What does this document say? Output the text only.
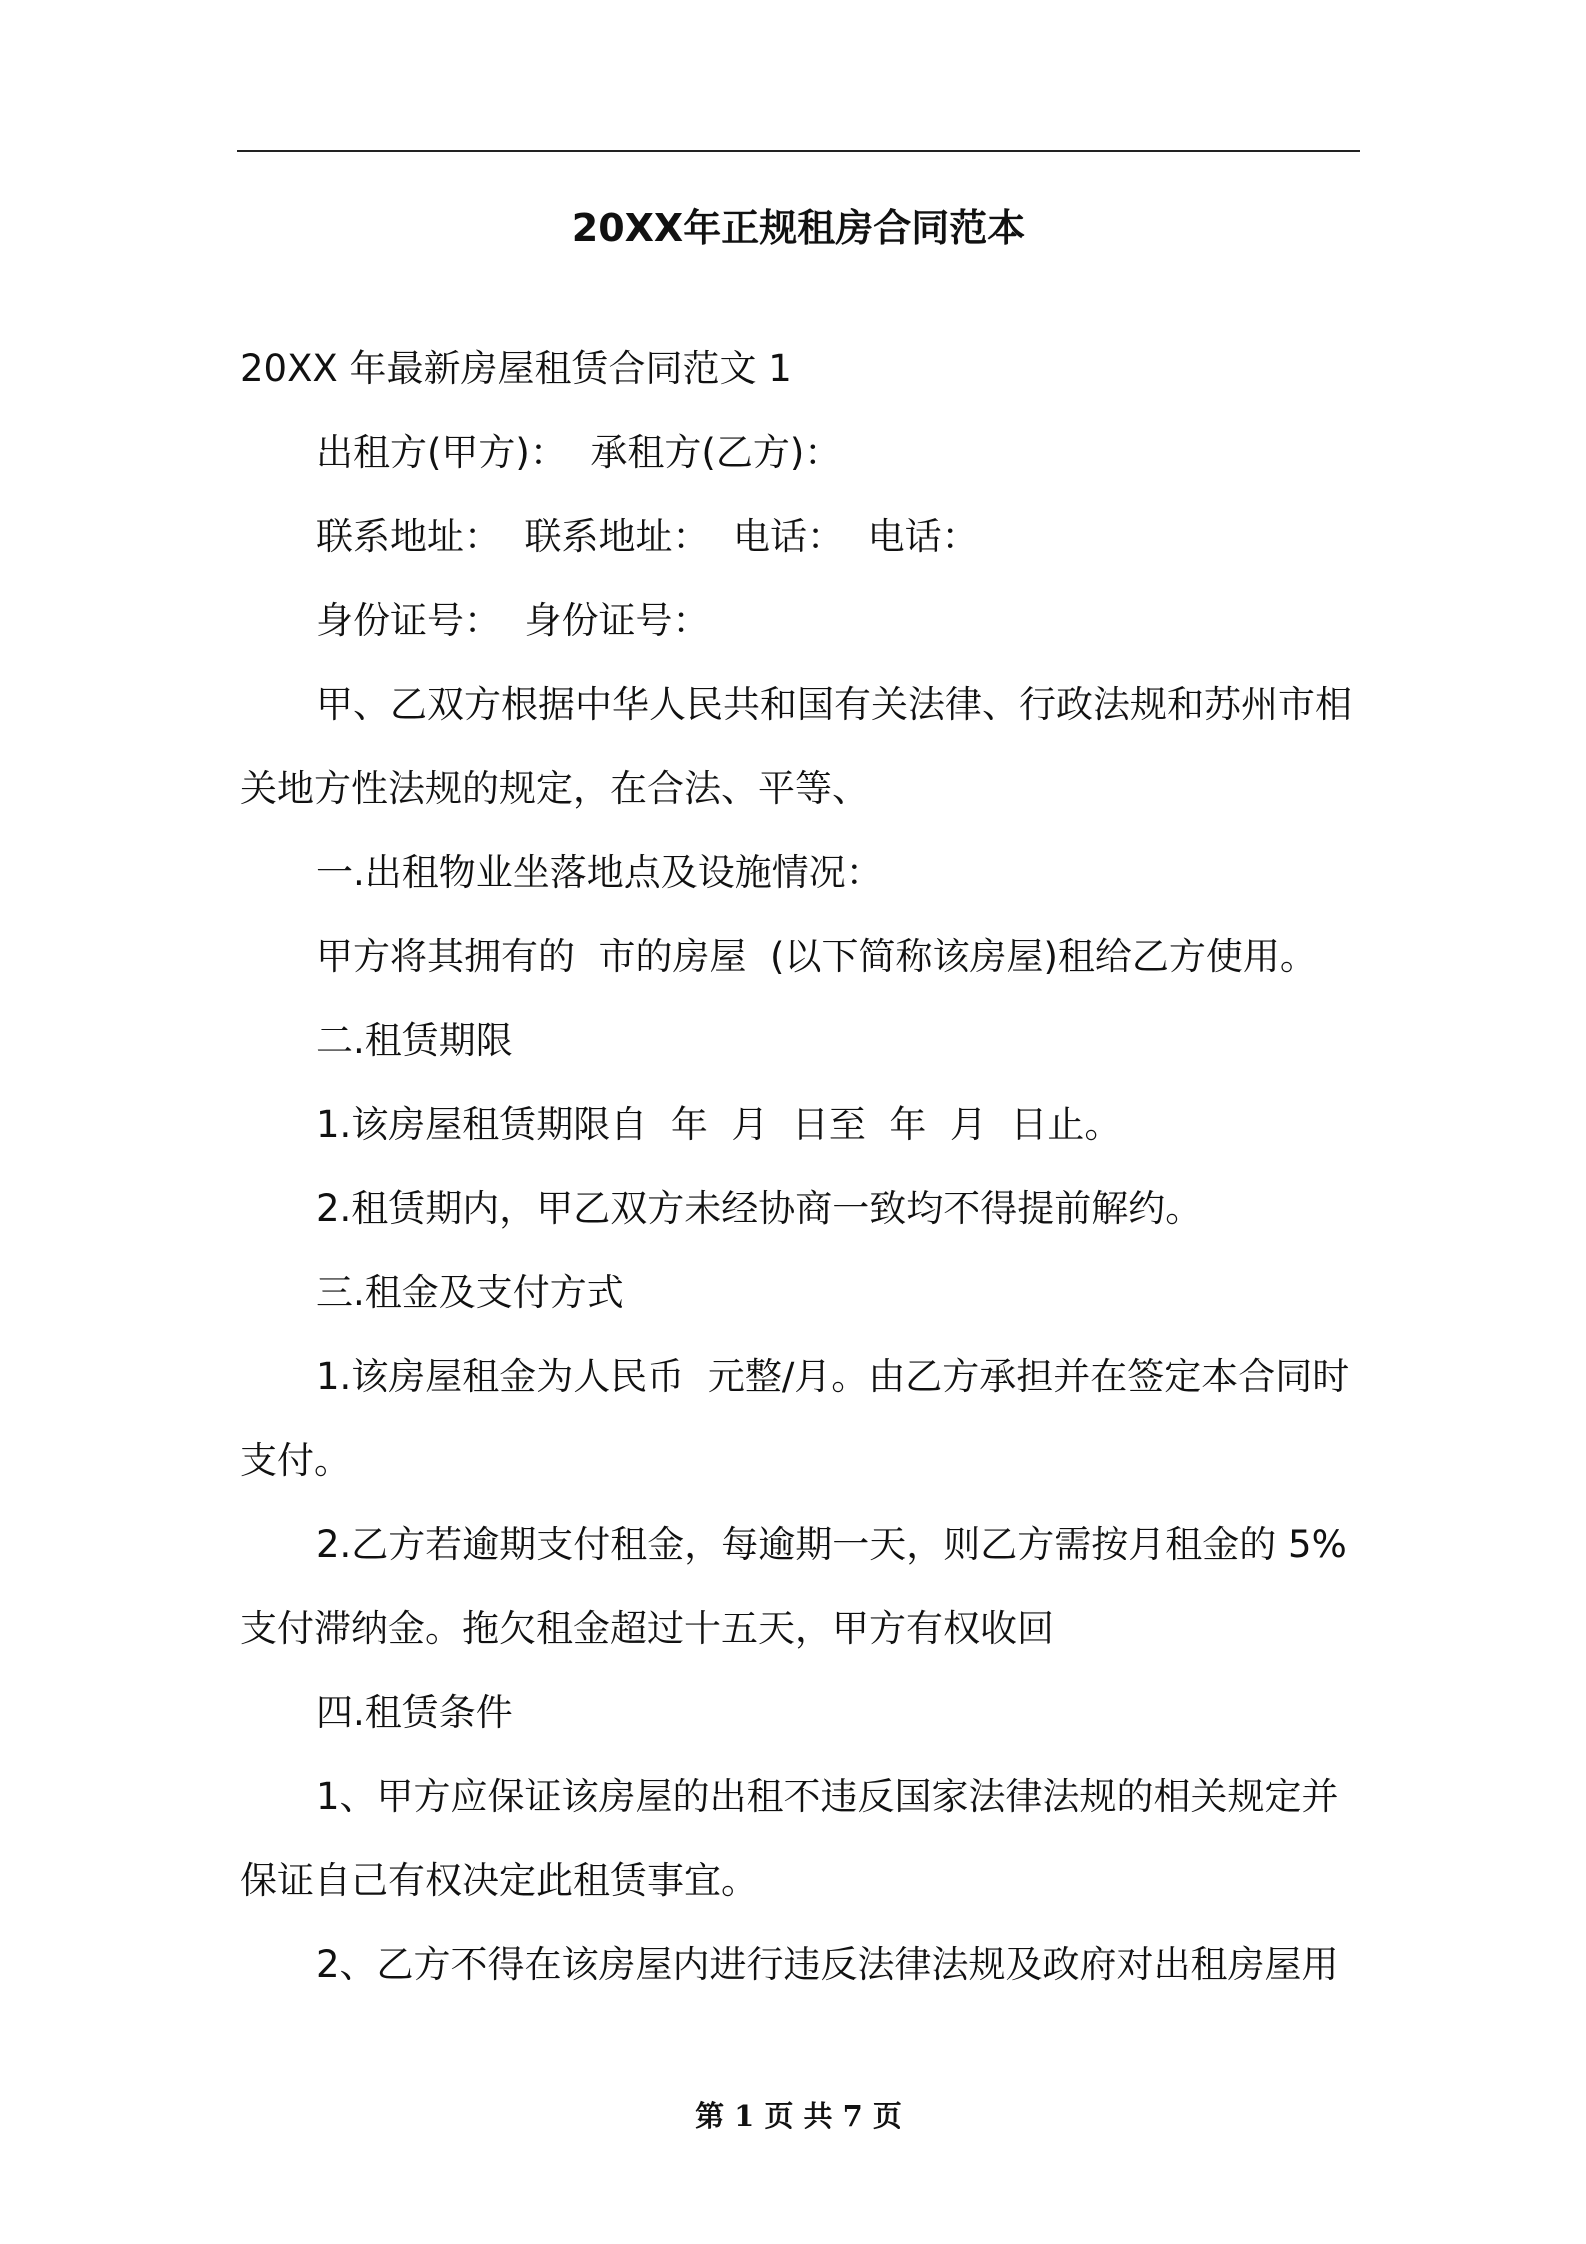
20XX年正规租房合同范本
20XX 年最新房屋租赁合同范文 1
出租方(甲方)：  承租方(乙方)：
联系地址：  联系地址：  电话：  电话：
身份证号：  身份证号：
甲、乙双方根据中华人民共和国有关法律、行政法规和苏州市相
关地方性法规的规定，在合法、平等、
一.出租物业坐落地点及设施情况：
甲方将其拥有的  市的房屋  (以下简称该房屋)租给乙方使用。
二.租赁期限
1.该房屋租赁期限自  年  月  日至  年  月  日止。
2.租赁期内，甲乙双方未经协商一致均不得提前解约。
三.租金及支付方式
1.该房屋租金为人民币  元整/月。由乙方承担并在签定本合同时
支付。
2.乙方若逾期支付租金，每逾期一天，则乙方需按月租金的 5%
支付滞纳金。拖欠租金超过十五天，甲方有权收回
四.租赁条件
1、甲方应保证该房屋的出租不违反国家法律法规的相关规定并
保证自己有权决定此租赁事宜。
2、乙方不得在该房屋内进行违反法律法规及政府对出租房屋用
第 1 页 共 7 页
